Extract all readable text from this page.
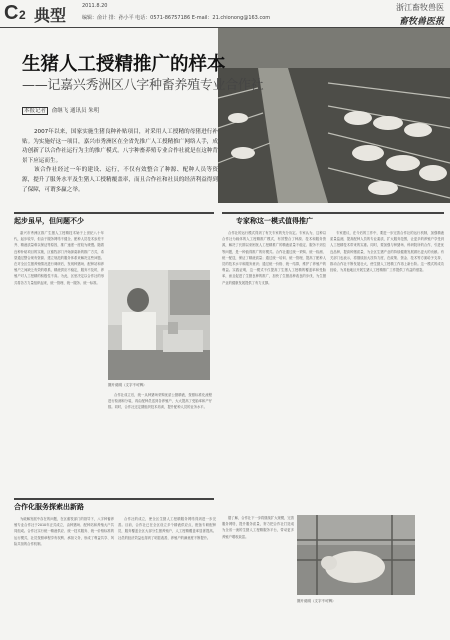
C 2 典型	2011.8.20
编辑：俞计 排：孙小平 电话：0571-86757186 E-mail：21.chionong@163.com
浙江畜牧兽医
畜牧兽医报
生猪人工授精推广的样本
——记嘉兴秀洲区八字种畜养殖专业合作社
本报记者 俞继飞 通讯员 朱明

2007年以来，国家实施生猪良种补贴项目，对采用人工授精的母猪进行补贴。为实施好这一项目，嘉兴市秀洲区在全省先推广人工授精推广网络人手，成功创新了以合作社运行为主的推广模式。八字种畜养殖专业合作社就是在这种背景下应运而生。

该合作社经过一年的建设、运行，不仅有效整合了种源、配种人员等资源，提升了服务水平及生猪人工授精覆盖率，而且合作社和社员的经济利益得到了保障，可谓多赢之举。

起步虽早，但问题不少

嘉兴市秀洲区推广生猪人工授精技术始于上世纪八十年代，起步较早，但由于服务网络不健全、配种人员技术参差不齐、精液质量难以保证等原因，推广速度一度较为缓慢。随着良种补贴项目的实施，区畜牧部门开始探索新的推广方式，希望通过整合现有资源、建立规范的服务体系来解决这些问题。在对全区生猪养殖情况进行调研后，发现种猪场、配种站和养殖户之间缺乏有效的联系，精液供应不稳定，服务不及时，养殖户对人工授精的积极性不高。为此，区里决定以合作社的形式将各方力量组织起来，统一管理、统一服务、统一标准。

图片说明（文字不可辨）

合作社成立后，统一从种猪场采购优质公猪精液，按照标准化流程进行检测和分装，再由配种员送到各养殖户，大大提高了受胎率和产仔数。同时，合作社还定期组织技术培训，提升配种人员的业务水平。

合作化服务探索出新路

为破解发展中存在的问题，在区畜牧部门的指导下，八字种畜养殖专业合作社于2010年正式成立，由种猪场、配种站和养殖大户共同组成。合作社实行统一精液供应、统一技术服务、统一价格标准的运行模式，社员按照章程享有权利、承担义务，形成了利益共享、风险共担的合作机制。

合作社的成立，使全区生猪人工授精服务网络得到进一步完善。目前，合作社已在全区设立多个精液供应点，配备专职配种员，服务覆盖全区大部分生猪养殖户，人工授精覆盖率显著提高。社员的经济效益也得到了明显改善，养殖户的满意度不断提升。

专家称这一模式值得推广

合作社的运行模式得到了有关专家的充分肯定。专家认为，这种以合作社为载体的人工授精推广模式，有效整合了种源、技术和服务资源，解决了长期以来困扰人工授精推广的精液质量不稳定、服务不到位等问题，是一种值得推广的好模式。合作社通过统一采购、统一检测、统一配送，保证了精液质量；通过统一培训、统一管理，提高了配种人员的技术水平和服务意识；通过统一价格、统一结算，维护了养殖户的利益。实践证明，这一模式不仅提高了生猪人工授精的覆盖率和受胎率，而且促进了生猪良种的推广，加快了生猪品种改良的步伐，为生猪产业的健康发展提供了有力支撑。

专家建议，在今后的工作中，要进一步完善合作社的运行机制，加强精液质量监测，提高配种人员的专业素质，扩大服务范围，让更多的养殖户享受到人工授精技术带来的实惠。同时，要加强与种猪场、科研院所的合作，引进优良品种，提高种猪质量，为全区生猪产业的持续健康发展做出更大的贡献。有关部门也表示，将继续加大扶持力度，在政策、资金、技术等方面给予支持，推动合作社不断发展壮大，使生猪人工授精工作再上新台阶。这一模式的成功经验，为其他地区开展生猪人工授精推广工作提供了有益的借鉴。

据了解，合作社下一步将继续扩大规模，完善服务网络，提升服务质量，努力把合作社打造成为全省一流的生猪人工授精服务平台，带动更多养殖户增收致富。

图片说明（文字不可辨）
